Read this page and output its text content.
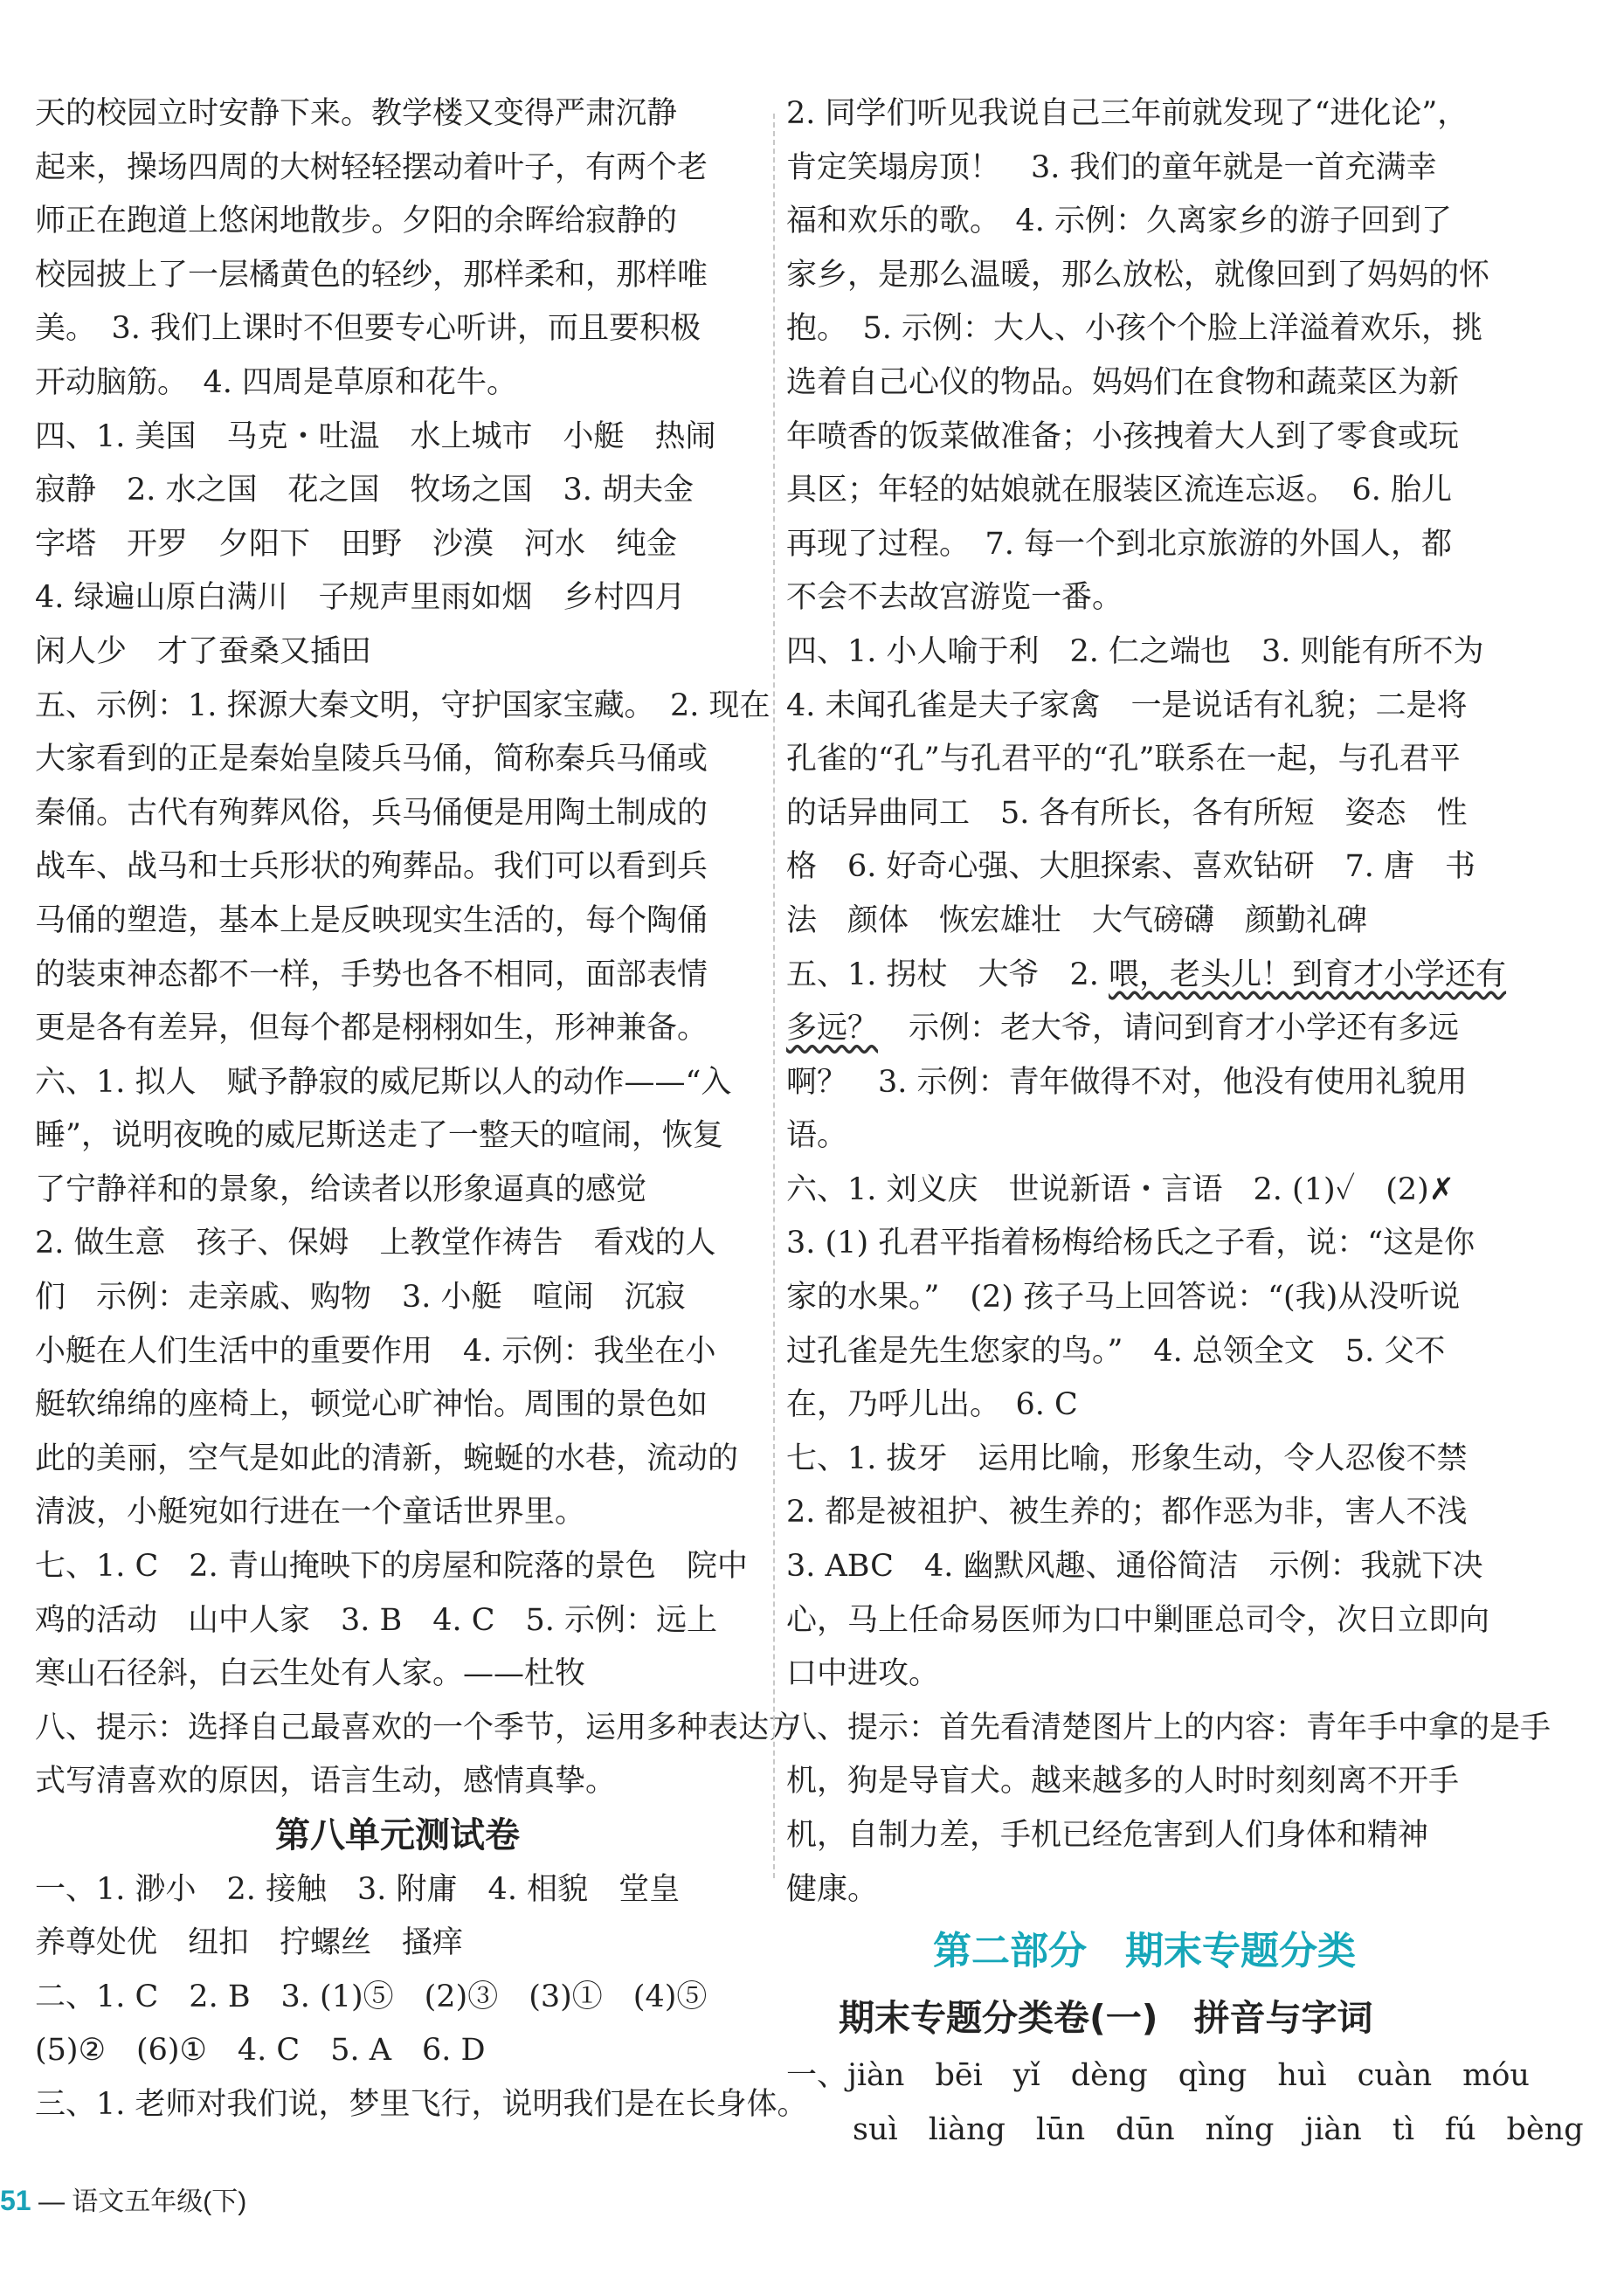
天的校园立时安静下来。教学楼又变得严肃沉静
起来，操场四周的大树轻轻摆动着叶子，有两个老
师正在跑道上悠闲地散步。夕阳的余晖给寂静的
校园披上了一层橘黄色的轻纱，那样柔和，那样唯
美。　3. 我们上课时不但要专心听讲，而且要积极
开动脑筋。　4. 四周是草原和花牛。
四、1. 美国　马克・吐温　水上城市　小艇　热闹
寂静　2. 水之国　花之国　牧场之国　3. 胡夫金
字塔　开罗　夕阳下　田野　沙漠　河水　纯金
4. 绿遍山原白满川　子规声里雨如烟　乡村四月
闲人少　才了蚕桑又插田
五、示例：1. 探源大秦文明，守护国家宝藏。　2. 现在
大家看到的正是秦始皇陵兵马俑，简称秦兵马俑或
秦俑。古代有殉葬风俗，兵马俑便是用陶土制成的
战车、战马和士兵形状的殉葬品。我们可以看到兵
马俑的塑造，基本上是反映现实生活的，每个陶俑
的装束神态都不一样，手势也各不相同，面部表情
更是各有差异，但每个都是栩栩如生，形神兼备。
六、1. 拟人　赋予静寂的威尼斯以人的动作——“入
睡”，说明夜晚的威尼斯送走了一整天的喧闹，恢复
了宁静祥和的景象，给读者以形象逼真的感觉
2. 做生意　孩子、保姆　上教堂作祷告　看戏的人
们　示例：走亲戚、购物　3. 小艇　喧闹　沉寂
小艇在人们生活中的重要作用　4. 示例：我坐在小
艇软绵绵的座椅上，顿觉心旷神怡。周围的景色如
此的美丽，空气是如此的清新，蜿蜒的水巷，流动的
清波，小艇宛如行进在一个童话世界里。
七、1. C　2. 青山掩映下的房屋和院落的景色　院中
鸡的活动　山中人家　3. B　4. C　5. 示例：远上
寒山石径斜，白云生处有人家。——杜牧
八、提示：选择自己最喜欢的一个季节，运用多种表达方
式写清喜欢的原因，语言生动，感情真挚。
第八单元测试卷
一、1. 渺小　2. 接触　3. 附庸　4. 相貌　堂皇
养尊处优　纽扣　拧螺丝　搔痒
二、1. C　2. B　3. (1)⑤　(2)③　(3)①　(4)⑤
(5)②　(6)①　4. C　5. A　6. D
三、1. 老师对我们说，梦里飞行，说明我们是在长身体。
2. 同学们听见我说自己三年前就发现了“进化论”，
肯定笑塌房顶！　3. 我们的童年就是一首充满幸
福和欢乐的歌。　4. 示例：久离家乡的游子回到了
家乡，是那么温暖，那么放松，就像回到了妈妈的怀
抱。　5. 示例：大人、小孩个个脸上洋溢着欢乐，挑
选着自己心仪的物品。妈妈们在食物和蔬菜区为新
年喷香的饭菜做准备；小孩拽着大人到了零食或玩
具区；年轻的姑娘就在服装区流连忘返。　6. 胎儿
再现了过程。　7. 每一个到北京旅游的外国人，都
不会不去故宫游览一番。
四、1. 小人喻于利　2. 仁之端也　3. 则能有所不为
4. 未闻孔雀是夫子家禽　一是说话有礼貌；二是将
孔雀的“孔”与孔君平的“孔”联系在一起，与孔君平
的话异曲同工　5. 各有所长，各有所短　姿态　性
格　6. 好奇心强、大胆探索、喜欢钻研　7. 唐　书
法　颜体　恢宏雄壮　大气磅礴　颜勤礼碑
五、1. 拐杖　大爷　2. 喂，老头儿！到育才小学还有
多远？　示例：老大爷，请问到育才小学还有多远
啊？　3. 示例：青年做得不对，他没有使用礼貌用
语。
六、1. 刘义庆　世说新语・言语　2. (1)✓　(2)✗
3. (1) 孔君平指着杨梅给杨氏之子看，说：“这是你
家的水果。”　(2) 孩子马上回答说：“(我)从没听说
过孔雀是先生您家的鸟。”　4. 总领全文　5. 父不
在，乃呼儿出。　6. C
七、1. 拔牙　运用比喻，形象生动，令人忍俊不禁
2. 都是被祖护、被生养的；都作恶为非，害人不浅
3. ABC　4. 幽默风趣、通俗简洁　示例：我就下决
心，马上任命易医师为口中剿匪总司令，次日立即向
口中进攻。
八、提示：首先看清楚图片上的内容：青年手中拿的是手
机，狗是导盲犬。越来越多的人时时刻刻离不开手
机，自制力差，手机已经危害到人们身体和精神
健康。
第二部分　期末专题分类
期末专题分类卷(一)　拼音与字词
一、jiàn　bēi　yǐ　dèng　qìng　huì　cuàn　móu
suì　liàng　lūn　dūn　nǐng　jiàn　tì　fú　bèng
51 — 语文五年级(下)
